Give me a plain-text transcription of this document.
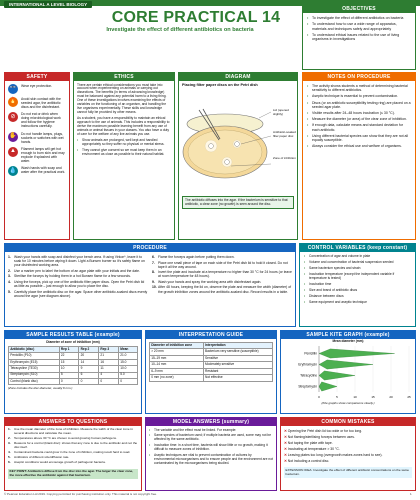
INTERNATIONAL A LEVEL BIOLOGY
CORE PRACTICAL 14
Investigate the effect of different antibiotics on bacteria
OBJECTIVES
• To investigate the effect of different antibiotics on bacteria
• To understand how to use a wide range of apparatus, materials and techniques safely and appropriately
• To understand ethical issues related to the use of living organisms in investigations
SAFETY
👓	Wear eye protection.
🔥	Avoid skin contact with the seeded agar, the antibiotic discs and the disinfectant.
⊘	Do not eat or drink when doing microbiological work and follow the hygiene instructions carefully.
✋	Do not handle lamps, plugs, sockets or switches with wet hands.
▲	Filament lamps will get hot enough to burn skin and may explode if splashed with water.
💧	Wash hands with soap and water after the practical work.
ETHICS

There are certain ethical considerations you must take into account when experimenting on animals or carrying out dissections. The benefits (in terms of advancing knowledge) must be balanced against any potential harm to a living thing. One of these investigations involves examining the effects of variables on the functioning of an organism, and handling the live organisms experimentally. These skills and knowledge cannot fully be provided by other means.

As a student, you have a responsibility to maintain an ethical approach to the use of animals. This includes a responsibility to derive the maximum possible learning benefit from any use of animals or animal tissues in your classes. You also have a duty of care for the welfare of any live animals you use.

• Show animals are prolonged, well kept and handled appropriately so they suffer no physical or mental stress.
• They cannot give consent so we must keep them in an environment as close as possible to their natural habitat.
DIAGRAM
Placing filter paper discs on the Petri dish
Lid (opened slightly)
Antibiotic-soaked filter paper disc
Zone of inhibition
The antibiotic diffuses into the agar. If the bacterium is sensitive to that antibiotic, a clear zone (no growth) is seen around the disc.
NOTES ON PROCEDURE
• The activity shows students a method of determining bacterial sensitivity to different antibiotics.
• Aseptic technique is essential to prevent contamination.
• Discs (or an antibiotic susceptibility testing ring) are placed on a seeded agar plate.
• Visible results after 24–48 hours incubation (≤ 30 °C).
• Measure the diameter (or area) of the clear zone of inhibition.
• If enough data, calculate means and standard deviation for each antibiotic.
• Using different bacterial species can show that they are not all equally susceptible.
• Always consider the ethical use and welfare of organisms.
PROCEDURE
Wash your hands with soap and disinfect your bench area. If using Virkon*, leave it to soak for 10 minutes before wiping it down. Light a Bunsen burner so it's safely flame on your disinfected working area.
Use a marker pen to label the bottom of an agar plate with your initials and the date.
Sterilise the forceps by holding them in a hot Bunsen flame for a few seconds.
Using the forceps, pick up one of the antibiotic filter paper discs. Open the Petri dish lid as little as possible – just enough to allow you to place the disc.
Carefully place the antibiotic disc on the agar. Space other antibiotic-soaked discs evenly around the agar (see diagram above).
Flame the forceps again before putting them down.
Place one small piece of tape on each side of the Petri dish lid to hold it closed. Do not tape it all the way around.
Invert the plate and incubate at a temperature no higher than 30 °C for 24 hours (or leave at room temperature for 48 hours).
Wash your hands and spray the working area with disinfectant again.
After 48 hours, keeping the lid on, observe the plate and measure the width (diameter) of the growth inhibition zones around the antibiotic-soaked disc. Record results in a table.
CONTROL VARIABLES (keep constant)
• Concentration of agar and volume in plate
• Volume and concentration of bacterial suspension seeded
• Same bacterium species and strain
• Incubation temperature (except the independent variable if temperature is tested)
• Incubation time
• Size and brand of antibiotic discs
• Distance between discs
• Same equipment and aseptic technique
SAMPLE RESULTS TABLE (example)
Diameter of zone of inhibition (mm)
Antibiotic (disc)	Rep 1	Rep 2	Rep 3	Mean
Penicillin (P10)	22	20	21	21.0
Erythromycin (E15)	15	14	16	15.0
Tetracycline (TE30)	10	9	11	10.0
Streptomycin (S10)	5	6	4	5.0
Control (blank disc)	0	0	0	0
(Zone includes the disc diameter, usually 6 mm.)
INTERPRETATION GUIDE
Diameter of inhibition zone	Interpretation
> 20 mm	Bacterium very sensitive (susceptible)
15–19 mm	Sensitive
10–14 mm	Moderately sensitive
6–9 mm	Resistant
0 mm (no zone)	Not effective
SAMPLE KITE GRAPH (example)
Mean diameter (mm)
0	5	10	15	20	25
Penicillin
Erythromycin
Tetracycline
Streptomycin
(Kite graphs show comparisons clearly.)
ANSWERS TO QUESTIONS
Use the mean diameter of the zone of inhibition. Measure the width of the clear zone in several directions and calculate the mean.
Temperatures above 30 °C are chosen to avoid growing human pathogens.
Reasons for a control (blank disc): shows that any zone is due to the antibiotic and not the disc itself.
Contaminant bacteria could grow in the zone of inhibition, making result hard to read.
Antibiotics of different size/diffusion rate.
Aseptic conditions would encourage growth of pathogenic bacteria.
KEY POINT: Antibiotics diffuse from the disc into the agar. The larger the clear zone, the more effective the antibiotic against that bacterium.
MODEL ANSWERS (summary)
• The variable and the effect must be linked. For example:
• Same species of bacterium used; if multiple bacteria are used, some may not be affected by the same antibiotic.
• Incubation time: in a short time, bacteria will show little or no growth, making it difficult to measure zones of inhibition.
• Aseptic techniques are vital to prevent contamination of cultures by environmental microorganisms and to ensure people and the environment are not contaminated by the microorganisms being studied.
COMMON MISTAKES
✕ Opening the Petri dish lid too wide or for too long.
✕ Not flaming/sterilising forceps between uses.
✕ Not taping the plate with tape.
✕ Incubating at temperature > 30 °C.
✕ Leaving plates too long (overgrowth makes zones hard to see).
✕ Not including a control disc.
EXTENSION IDEA: Investigate the effect of different antibiotic concentrations on the same bacterium.
© Pearson Education Ltd 2019. Copying permitted for purchasing institution only. This material is not copyright free.	1
